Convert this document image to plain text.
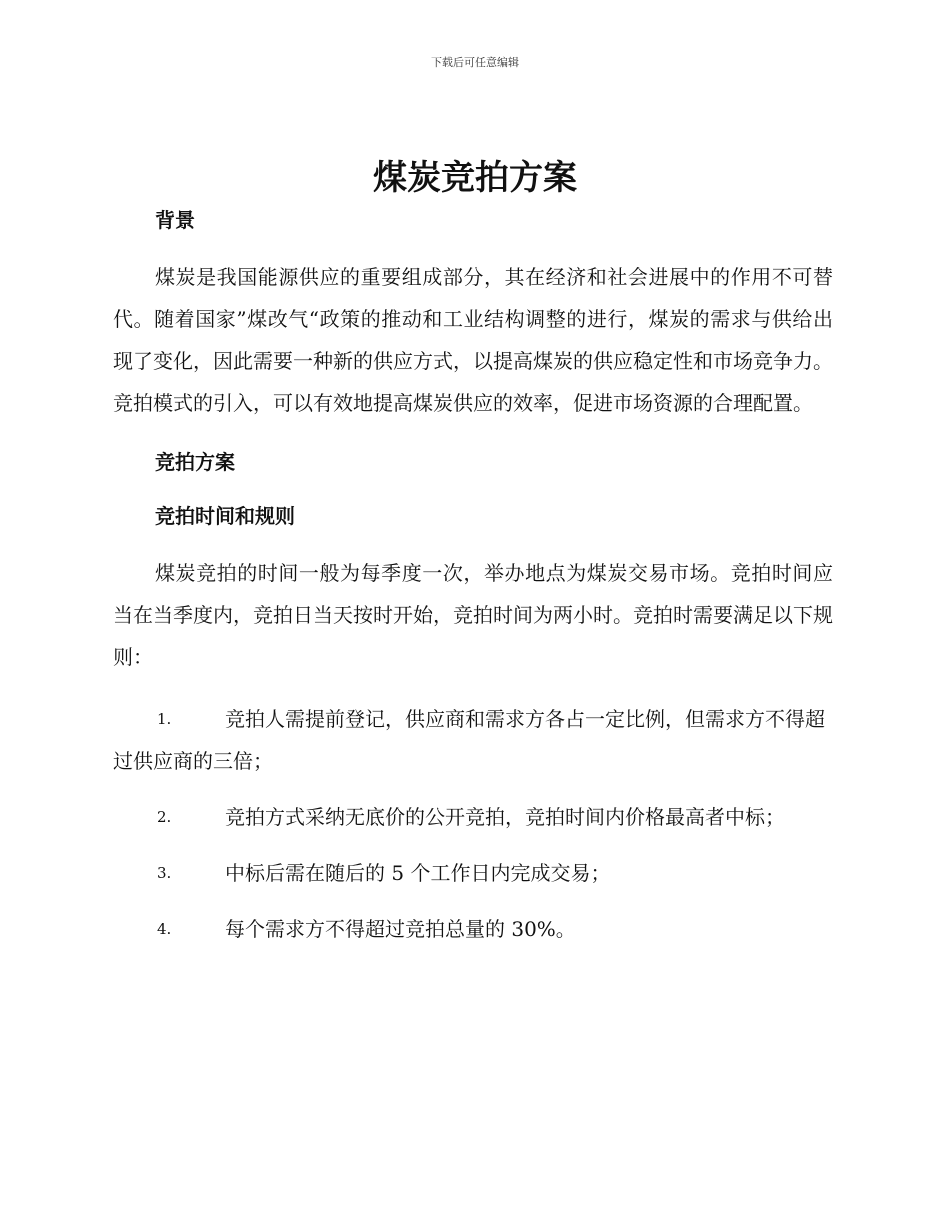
下载后可任意编辑
煤炭竞拍方案
背景

煤炭是我国能源供应的重要组成部分，其在经济和社会进展中的作用不可替代。随着国家”煤改气“政策的推动和工业结构调整的进行，煤炭的需求与供给出现了变化，因此需要一种新的供应方式，以提高煤炭的供应稳定性和市场竞争力。竞拍模式的引入，可以有效地提高煤炭供应的效率，促进市场资源的合理配置。

竞拍方案
竞拍时间和规则

煤炭竞拍的时间一般为每季度一次，举办地点为煤炭交易市场。竞拍时间应当在当季度内，竞拍日当天按时开始，竞拍时间为两小时。竞拍时需要满足以下规则：

1.	竞拍人需提前登记，供应商和需求方各占一定比例，但需求方不得超过供应商的三倍；
2.	竞拍方式采纳无底价的公开竞拍，竞拍时间内价格最高者中标；
3.	中标后需在随后的 5 个工作日内完成交易；
4.	每个需求方不得超过竞拍总量的 30%。
